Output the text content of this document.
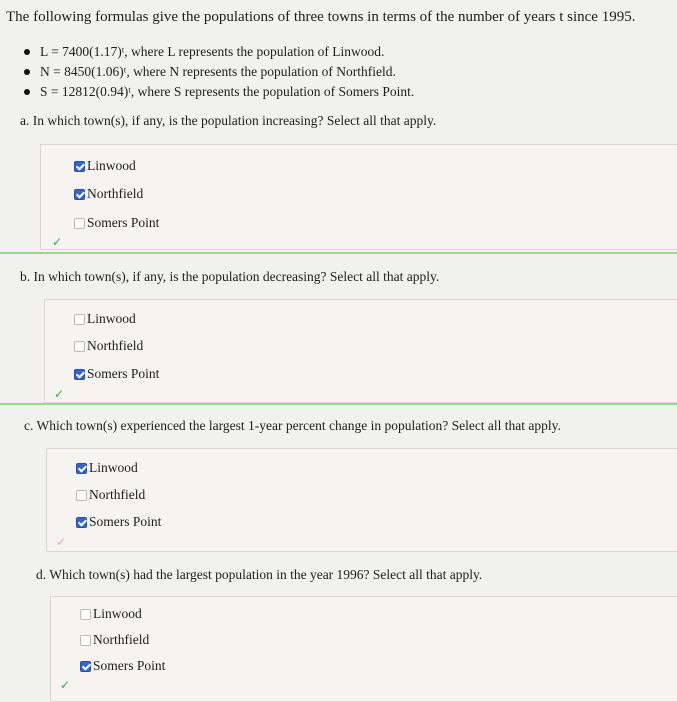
The following formulas give the populations of three towns in terms of the number of years t since 1995.
L = 7400(1.17)ᵗ, where L represents the population of Linwood.
N = 8450(1.06)ᵗ, where N represents the population of Northfield.
S = 12812(0.94)ᵗ, where S represents the population of Somers Point.
a. In which town(s), if any, is the population increasing? Select all that apply.
Linwood
Northfield
Somers Point
✓
b. In which town(s), if any, is the population decreasing? Select all that apply.
Linwood
Northfield
Somers Point
✓
c. Which town(s) experienced the largest 1-year percent change in population? Select all that apply.
Linwood
Northfield
Somers Point
✓
d. Which town(s) had the largest population in the year 1996? Select all that apply.
Linwood
Northfield
Somers Point
✓
